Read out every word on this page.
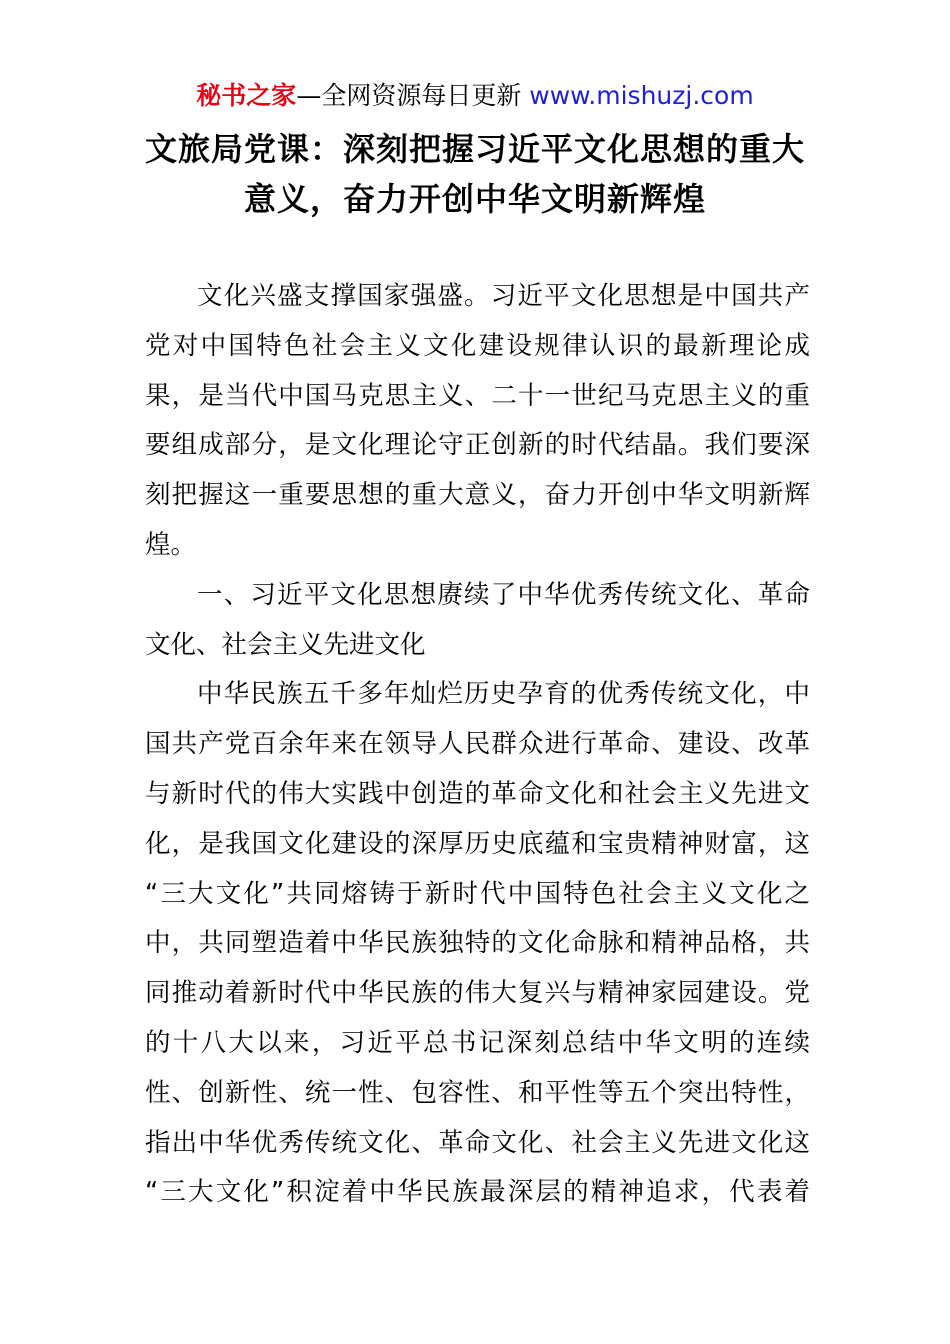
秘书之家—全网资源每日更新 www.mishuzj.com
文旅局党课：深刻把握习近平文化思想的重大
意义，奋力开创中华文明新辉煌
文化兴盛支撑国家强盛。习近平文化思想是中国共产
党对中国特色社会主义文化建设规律认识的最新理论成
果，是当代中国马克思主义、二十一世纪马克思主义的重
要组成部分，是文化理论守正创新的时代结晶。我们要深
刻把握这一重要思想的重大意义，奋力开创中华文明新辉
煌。
一、习近平文化思想赓续了中华优秀传统文化、革命
文化、社会主义先进文化
中华民族五千多年灿烂历史孕育的优秀传统文化，中
国共产党百余年来在领导人民群众进行革命、建设、改革
与新时代的伟大实践中创造的革命文化和社会主义先进文
化，是我国文化建设的深厚历史底蕴和宝贵精神财富，这
“三大文化”共同熔铸于新时代中国特色社会主义文化之
中，共同塑造着中华民族独特的文化命脉和精神品格，共
同推动着新时代中华民族的伟大复兴与精神家园建设。党
的十八大以来，习近平总书记深刻总结中华文明的连续
性、创新性、统一性、包容性、和平性等五个突出特性，
指出中华优秀传统文化、革命文化、社会主义先进文化这
“三大文化”积淀着中华民族最深层的精神追求，代表着
